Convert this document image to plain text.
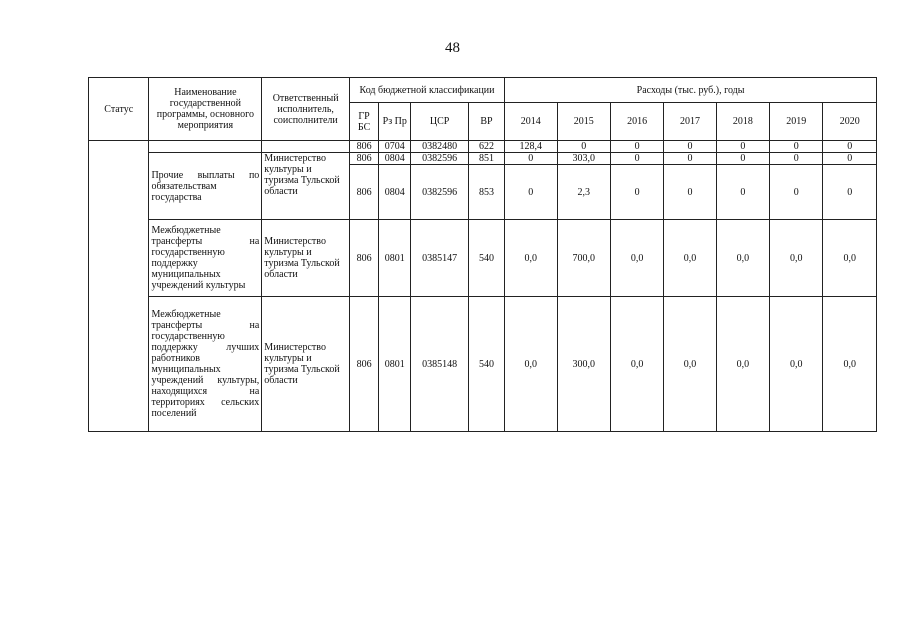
48
Статус	Наименование государственной программы, основного мероприятия	Ответственный исполнитель, соисполнители	Код бюджетной классификации				Расходы (тыс. руб.), годы						
			ГР БС	Рз Пр	ЦСР	ВР	2014	2015	2016	2017	2018	2019	2020
			806	0704	0382480	622	128,4	0	0	0	0	0	0
	Прочие выплаты по обязательствам государства	Министерство культуры и туризма Тульской области	806	0804	0382596	851	0	303,0	0	0	0	0	0
			806	0804	0382596	853	0	2,3	0	0	0	0	0
	Межбюджетные трансферты на государственную поддержку муниципальных учреждений культуры	Министерство культуры и туризма Тульской области	806	0801	0385147	540	0,0	700,0	0,0	0,0	0,0	0,0	0,0
	Межбюджетные трансферты на государственную поддержку лучших работников муниципальных учреждений культуры, находящихся на территориях сельских поселений	Министерство культуры и туризма Тульской области	806	0801	0385148	540	0,0	300,0	0,0	0,0	0,0	0,0	0,0
